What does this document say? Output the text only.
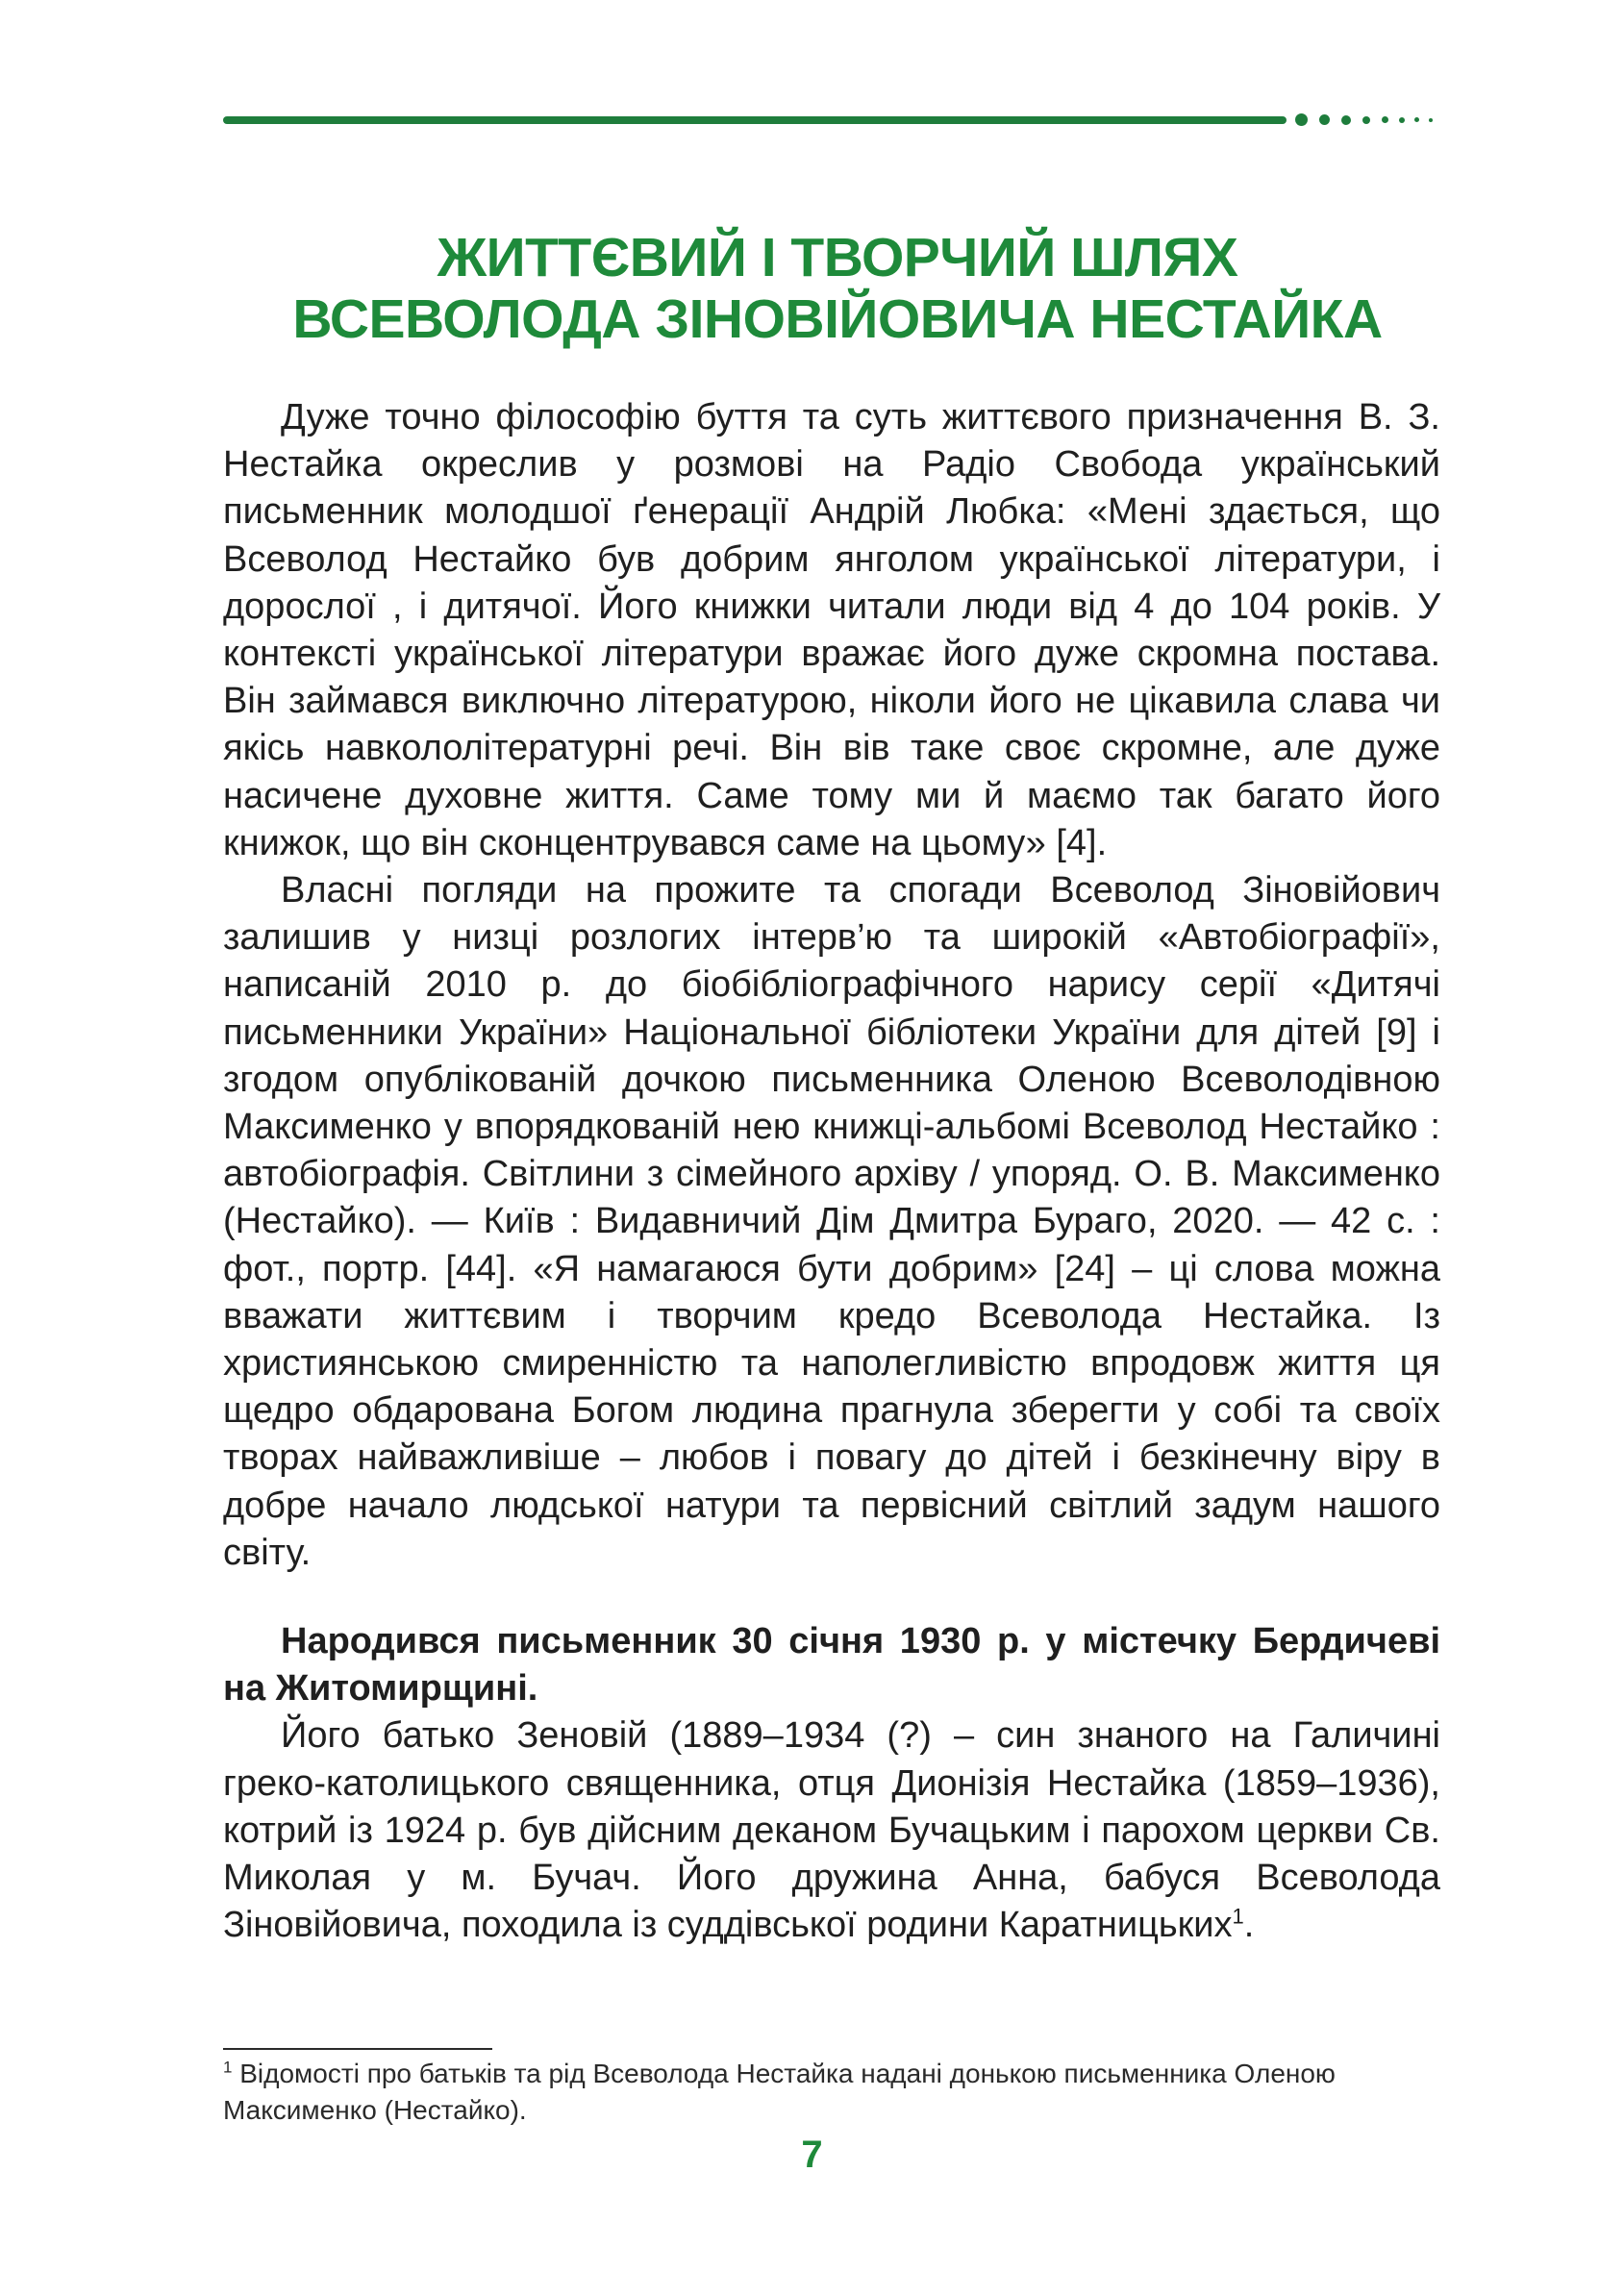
ЖИТТЄВИЙ І ТВОРЧИЙ ШЛЯХ
ВСЕВОЛОДА ЗІНОВІЙОВИЧА НЕСТАЙКА

Дуже точно філософію буття та суть життєвого призначення В. З. Нестайка окреслив у розмові на Радіо Свобода український письменник молодшої ґенерації Андрій Любка: «Мені здається, що Всеволод Нестайко був добрим янголом української літератури, і дорослої , і дитячої. Його книжки читали люди від 4 до 104 років. У контексті української літератури вражає його дуже скромна постава. Він займався виключно літературою, ніколи його не цікавила слава чи якісь навкололітературні речі. Він вів таке своє скромне, але дуже насичене духовне життя. Саме тому ми й маємо так багато його книжок, що він сконцентрувався саме на цьому» [4].

Власні погляди на прожите та спогади Всеволод Зіновійович залишив у низці розлогих інтерв’ю та широкій «Автобіографії», написаній 2010 р. до біобібліографічного нарису серії «Дитячі письменники України» Національної бібліотеки України для дітей [9] і згодом опублікованій дочкою письменника Оленою Всеволодівною Максименко у впорядкованій нею книжці-альбомі Всеволод Нестайко : автобіографія. Світлини з сімейного архіву / упоряд. О. В. Максименко (Нестайко). — Київ : Видавничий Дім Дмитра Бураго, 2020. — 42 с. : фот., портр. [44]. «Я намагаюся бути добрим» [24] – ці слова можна вважати життєвим і творчим кредо Всеволода Нестайка. Із християнською смиренністю та наполегливістю впродовж життя ця щедро обдарована Богом людина прагнула зберегти у собі та своїх творах найважливіше – любов і повагу до дітей і безкінечну віру в добре начало людської натури та первісний світлий задум нашого світу.

Народився письменник 30 січня 1930 р. у містечку Бердичеві на Житомирщині.

Його батько Зеновій (1889–1934 (?) – син знаного на Галичині греко-католицького священника, отця Дионізія Нестайка (1859–1936), котрий із 1924 р. був дійсним деканом Бучацьким і парохом церкви Св. Миколая у м. Бучач. Його дружина Анна, бабуся Всеволода Зіновійовича, походила із суддівської родини Каратницьких$^1$.

$^1$ Відомості про батьків та рід Всеволода Нестайка надані донькою письменника Оленою Максименко (Нестайко).
7
